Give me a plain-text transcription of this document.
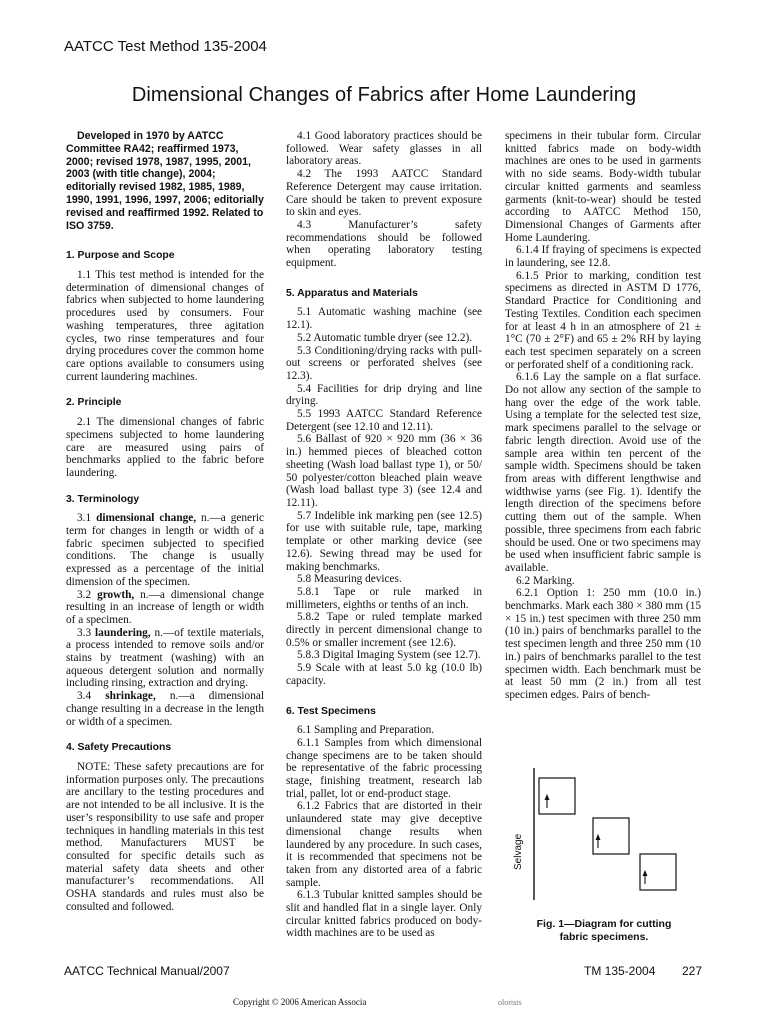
AATCC Test Method 135-2004
Dimensional Changes of Fabrics after Home Laundering

Developed in 1970 by AATCC Committee RA42; reaffirmed 1973, 2000; revised 1978, 1987, 1995, 2001, 2003 (with title change), 2004; editorially revised 1982, 1985, 1989, 1990, 1991, 1996, 1997, 2006; editorially revised and reaffirmed 1992. Related to ISO 3759.

1. Purpose and Scope

1.1 This test method is intended for the determination of dimensional changes of fabrics when subjected to home laundering procedures used by consumers. Four washing temperatures, three agitation cycles, two rinse temperatures and four drying procedures cover the common home care options available to consumers using current laundering machines.

2. Principle

2.1 The dimensional changes of fabric specimens subjected to home laundering care are measured using pairs of benchmarks applied to the fabric before laundering.

3. Terminology

3.1 dimensional change, n.—a generic term for changes in length or width of a fabric specimen subjected to specified conditions. The change is usually expressed as a percentage of the initial dimension of the specimen.

3.2 growth, n.—a dimensional change resulting in an increase of length or width of a specimen.

3.3 laundering, n.—of textile materials, a process intended to remove soils and/or stains by treatment (washing) with an aqueous detergent solution and normally including rinsing, extraction and drying.

3.4 shrinkage, n.—a dimensional change resulting in a decrease in the length or width of a specimen.

4. Safety Precautions

NOTE: These safety precautions are for information purposes only. The precautions are ancillary to the testing procedures and are not intended to be all inclusive. It is the user’s responsibility to use safe and proper techniques in handling materials in this test method. Manufacturers MUST be consulted for specific details such as material safety data sheets and other manufacturer’s recommendations. All OSHA standards and rules must also be consulted and followed.

4.1 Good laboratory practices should be followed. Wear safety glasses in all laboratory areas.

4.2 The 1993 AATCC Standard Reference Detergent may cause irritation. Care should be taken to prevent exposure to skin and eyes.

4.3 Manufacturer’s safety recommendations should be followed when operating laboratory testing equipment.

5. Apparatus and Materials

5.1 Automatic washing machine (see 12.1).

5.2 Automatic tumble dryer (see 12.2).

5.3 Conditioning/drying racks with pull-out screens or perforated shelves (see 12.3).

5.4 Facilities for drip drying and line drying.

5.5 1993 AATCC Standard Reference Detergent (see 12.10 and 12.11).

5.6 Ballast of 920 × 920 mm (36 × 36 in.) hemmed pieces of bleached cotton sheeting (Wash load ballast type 1), or 50/ 50 polyester/cotton bleached plain weave (Wash load ballast type 3) (see 12.4 and 12.11).

5.7 Indelible ink marking pen (see 12.5) for use with suitable rule, tape, marking template or other marking device (see 12.6). Sewing thread may be used for making benchmarks.

5.8 Measuring devices.

5.8.1 Tape or rule marked in millimeters, eighths or tenths of an inch.

5.8.2 Tape or ruled template marked directly in percent dimensional change to 0.5% or smaller increment (see 12.6).

5.8.3 Digital Imaging System (see 12.7).

5.9 Scale with at least 5.0 kg (10.0 lb) capacity.

6. Test Specimens

6.1 Sampling and Preparation.

6.1.1 Samples from which dimensional change specimens are to be taken should be representative of the fabric processing stage, finishing treatment, research lab trial, pallet, lot or end-product stage.

6.1.2 Fabrics that are distorted in their unlaundered state may give deceptive dimensional change results when laundered by any procedure. In such cases, it is recommended that specimens not be taken from any distorted area of a fabric sample.

6.1.3 Tubular knitted samples should be slit and handled flat in a single layer. Only circular knitted fabrics produced on body-width machines are to be used as

specimens in their tubular form. Circular knitted fabrics made on body-width machines are ones to be used in garments with no side seams. Body-width tubular circular knitted garments and seamless garments (knit-to-wear) should be tested according to AATCC Method 150, Dimensional Changes of Garments after Home Laundering.

6.1.4 If fraying of specimens is expected in laundering, see 12.8.

6.1.5 Prior to marking, condition test specimens as directed in ASTM D 1776, Standard Practice for Conditioning and Testing Textiles. Condition each specimen for at least 4 h in an atmosphere of 21 ± 1°C (70 ± 2°F) and 65 ± 2% RH by laying each test specimen separately on a screen or perforated shelf of a conditioning rack.

6.1.6 Lay the sample on a flat surface. Do not allow any section of the sample to hang over the edge of the work table. Using a template for the selected test size, mark specimens parallel to the selvage or fabric length direction. Avoid use of the sample area within ten percent of the sample width. Specimens should be taken from areas with different lengthwise and widthwise yarns (see Fig. 1). Identify the length direction of the specimens before cutting them out of the sample. When possible, three specimens from each fabric should be used. One or two specimens may be used when insufficient fabric sample is available.

6.2 Marking.

6.2.1 Option 1: 250 mm (10.0 in.) benchmarks. Mark each 380 × 380 mm (15 × 15 in.) test specimen with three 250 mm (10 in.) pairs of benchmarks parallel to the test specimen length and three 250 mm (10 in.) pairs of benchmarks parallel to the test specimen width. Each benchmark must be at least 50 mm (2 in.) from all test specimen edges. Pairs of bench-

Selvage
Fig. 1—Diagram for cutting
fabric specimens.
AATCC Technical Manual/2007	TM 135-2004 227
Copyright © 2006 American Associa	olorists
